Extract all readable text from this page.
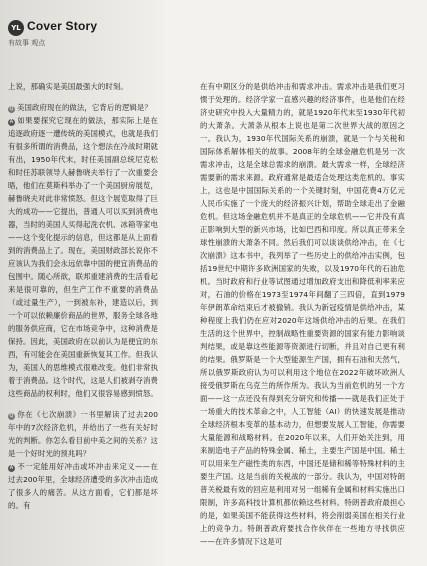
YL Cover Story
有故事 观点

上说，那确实是美国最强大的时刻。

Q 美国政府现在的做法，它背后的逻辑是？

A 如果要探究它现在的做法，那实际上是在追逐政府逐一遭传统的美国模式，也就是我们有很多所谓的消费品，这个想法在冷战时期就有出，1950年代末，时任美国副总统尼克松和时任苏联领导人赫鲁晓夫举行了一次重要会晤，他们在莫斯科举办了一个美国厨房展览，赫鲁晓夫对此非常愤怒。但这个展览取得了巨大的成功——它提出，普通人可以买到消费电器，当时的美国人买得起洗衣机、冰箱等家电——这个变化提示的信息，但这都是从上面看到的消费品上了。现在，美国财政部长说你不应该认为我们会永远依靠中国的便宜消费品的包围中。随心所欲，联邦重建消费的生活看起来是很可靠的，但生产工作不重要的消费品（或过量生产），一到被东补，建造以后，到一个可以依赖廉价商品的世界，服务全球各地的服务供应商，它在市场竞争中，这种消费是保持。因此，美国政府在以前认为是便宜的东西，有可能会在美国重新恢复其工作。但我认为，美国人的思维模式很难改变。他们非常执着于消费品。这个时代，这是人们被剥夺消费这些商品的权利时，他们又很容易感到愤怒。

Q 你在《七次崩溃》一书里解读了过去200年中的7次经济危机，并给出了一些有关好时光的判断。你怎么看目前中美之间的关系？这是一个好时光的预兆吗？

A 不一定能用好冲击或坏冲击来定义——在过去200年里，全球经济遭受的多次冲击造成了很多人的痛苦。从这方面看，它们都是坏的。有

在有中期区分的是供给冲击和需求冲击。需求冲击是我们更习惯于处理的。经济学家一直感兴趣的经济事件，也是他们在经济史研究中投入大量精力的，就是1920年代末至1930年代初的大萧条。大萧条从根本上说也是第二次世界大战的原因之一。我认为，1930年代国际关系的崩溃，就是一个与关税和国际体系解体相关的故事。2008年的全球金融危机是另一次需求冲击，这是全球总需求的崩溃。最大需求一样，全球经济需要新的需求来源。政府通常是最适合处理这类危机的。事实上，这也是中国国际关系的一个关键时刻，中国花费4万亿元人民币实施了一个庞大的经济振兴计划，帮助全球走出了金融危机。但这场金融危机并不是真正的全球危机——它并没有真正影响到大型的新兴市场，比如巴西和印度。所以真正带来全球性崩溃的大萧条不同。然后我们可以谈谈供给冲击，在《七次崩溃》这本书中，我列举了一些历史上的供给冲击实例，包括19世纪中期许多欧洲国家的失败，以及1970年代的石油危机。当时政府和行业等试图通过增加政府支出和降低利率来应对，石油的价格在1973至1974年间翻了三四倍，直到1979年伊朗革命结束后才被撤销。我认为新冠疫情是供给冲击，某种程度上我们仍在应对2020年这场供给冲击的后果。在我们生活的这个世界中，控制战略性重要资源的国家有能力影响谈判结果，或是靠这些能源等资源进行切断，并且对自己更有利的结果。俄罗斯是一个大型能源生产国，拥有石油和天然气，所以俄罗斯政府认为可以利用这个地位在2022年破坏欧洲人接受俄罗斯在乌克兰的所作所为。我认为当前危机的另一个方面——这一点还没有得到充分研究和传播——就是我们正处于一场重大的技术革命之中，人工智能（AI）的快速发展是推动全球经济根本变革的基本动力，但想要发展人工智能，你需要大量能源和战略材料。在2020年以来，人们开始关注到，用来制造电子产品的特殊金属、稀土，主要生产国是中国。稀土可以用来生产磁性类的东西，中国还是储和稀等特殊材料的主要生产国。这是当前的关税战的一部分。我认为，中国对特朗普关税最有效的回应是利用对另一组稀有金属和材料实施出口限制，许多高科技计算机都依赖这些材料。特朗普政府最担心的是，如果美国不能获得这些材料，将会削弱美国在相关行业上的竞争力。特朗普政府要找合作伙伴在一些地方寻找供应——在许多情况下这是可
